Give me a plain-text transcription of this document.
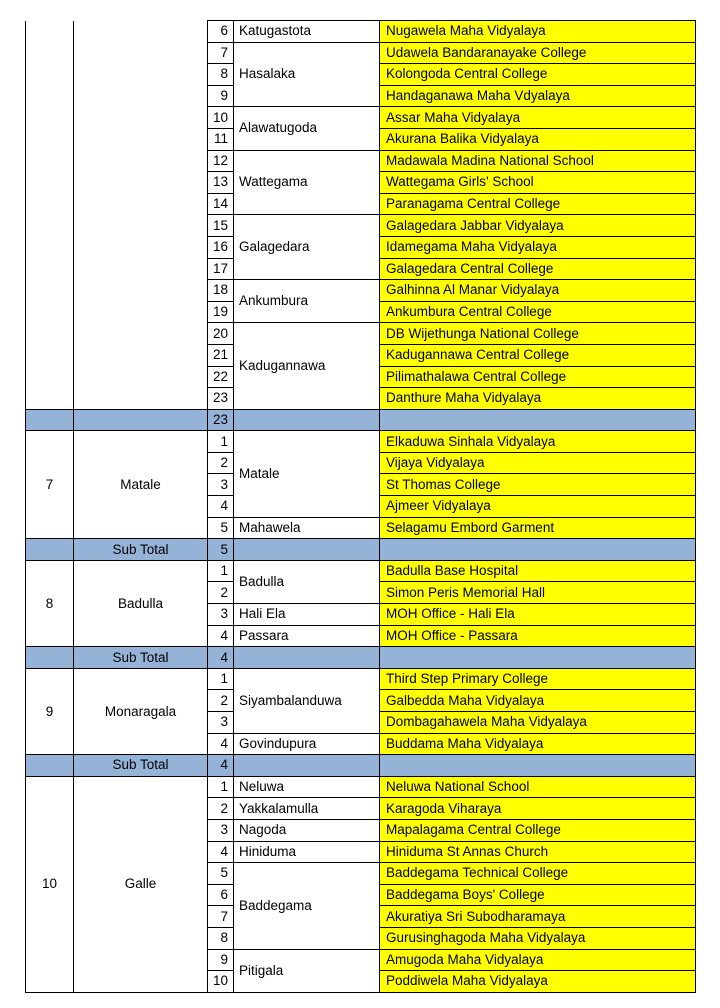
		6	Katugastota	Nugawela Maha Vidyalaya
		7	Hasalaka	Udawela Bandaranayake College
		8		Kolongoda Central College
		9		Handaganawa Maha Vdyalaya
		10	Alawatugoda	Assar Maha Vidyalaya
		11		Akurana Balika Vidyalaya
		12	Wattegama	Madawala Madina National School
		13		Wattegama Girls' School
		14		Paranagama Central College
		15	Galagedara	Galagedara Jabbar Vidyalaya
		16		Idamegama Maha Vidyalaya
		17		Galagedara Central College
		18	Ankumbura	Galhinna Al Manar Vidyalaya
		19		Ankumbura Central College
		20	Kadugannawa	DB Wijethunga National College
		21		Kadugannawa Central College
		22		Pilimathalawa Central College
		23		Danthure Maha Vidyalaya
		23		
7	Matale	1	Matale	Elkaduwa Sinhala Vidyalaya
		2		Vijaya Vidyalaya
		3		St Thomas College
		4		Ajmeer Vidyalaya
		5	Mahawela	Selagamu Embord Garment
	Sub Total	5		
8	Badulla	1	Badulla	Badulla Base Hospital
		2		Simon Peris Memorial Hall
		3	Hali Ela	MOH Office - Hali Ela
		4	Passara	MOH Office - Passara
	Sub Total	4		
9	Monaragala	1	Siyambalanduwa	Third Step Primary College
		2		Galbedda Maha Vidyalaya
		3		Dombagahawela Maha Vidyalaya
		4	Govindupura	Buddama Maha Vidyalaya
	Sub Total	4		
10	Galle	1	Neluwa	Neluwa National School
		2	Yakkalamulla	Karagoda Viharaya
		3	Nagoda	Mapalagama Central College
		4	Hiniduma	Hiniduma St Annas Church
		5	Baddegama	Baddegama Technical College
		6		Baddegama Boys' College
		7		Akuratiya Sri Subodharamaya
		8		Gurusinghagoda Maha Vidyalaya
		9	Pitigala	Amugoda Maha Vidyalaya
		10		Poddiwela Maha Vidyalaya
